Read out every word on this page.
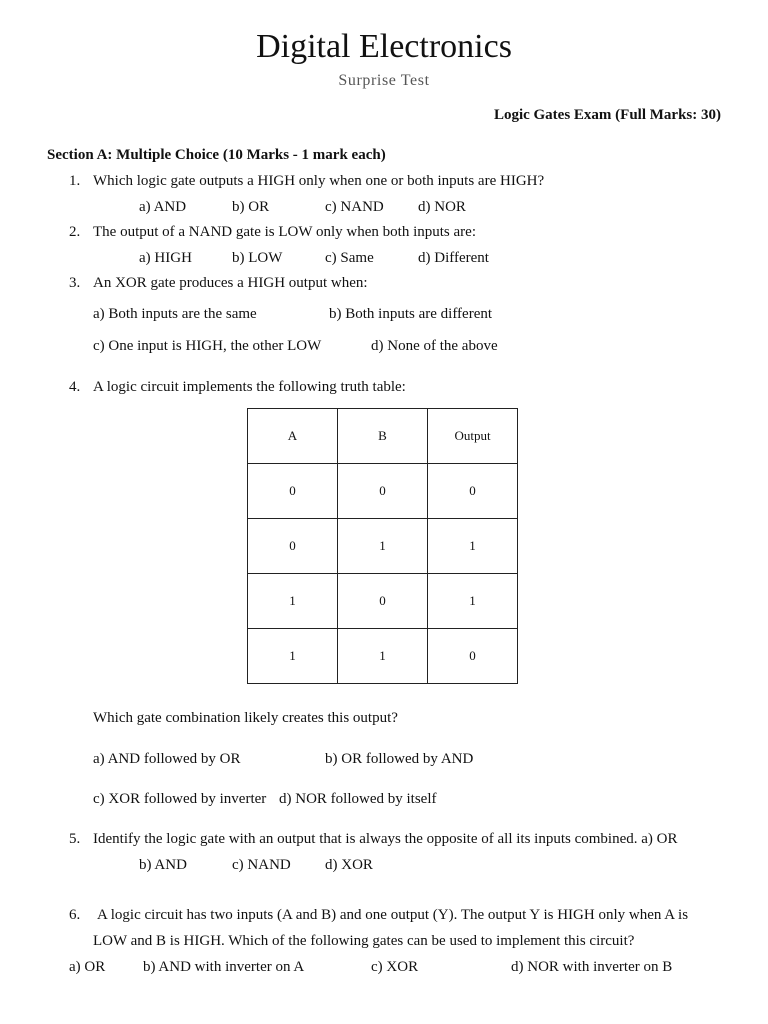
Digital Electronics
Surprise Test
Logic Gates Exam (Full Marks: 30)
Section A: Multiple Choice (10 Marks - 1 mark each)
1. Which logic gate outputs a HIGH only when one or both inputs are HIGH?
a) AND	b) OR	c) NAND d) NOR
2. The output of a NAND gate is LOW only when both inputs are:
a) HIGH	b) LOW	c) Same	d) Different
3. An XOR gate produces a HIGH output when:
a) Both inputs are the same	b) Both inputs are different
c) One input is HIGH, the other LOW	d) None of the above
4. A logic circuit implements the following truth table:
A	B	Output
0	0	0
0	1	1
1	0	1
1	1	0
Which gate combination likely creates this output?
a) AND followed by OR	b) OR followed by AND
c) XOR followed by inverter d) NOR followed by itself
5. Identify the logic gate with an output that is always the opposite of all its inputs combined. a) OR
b) AND	c) NAND d) XOR
6. A logic circuit has two inputs (A and B) and one output (Y). The output Y is HIGH only when A is
LOW and B is HIGH. Which of the following gates can be used to implement this circuit?
a) OR	b) AND with inverter on A	c) XOR	d) NOR with inverter on B
